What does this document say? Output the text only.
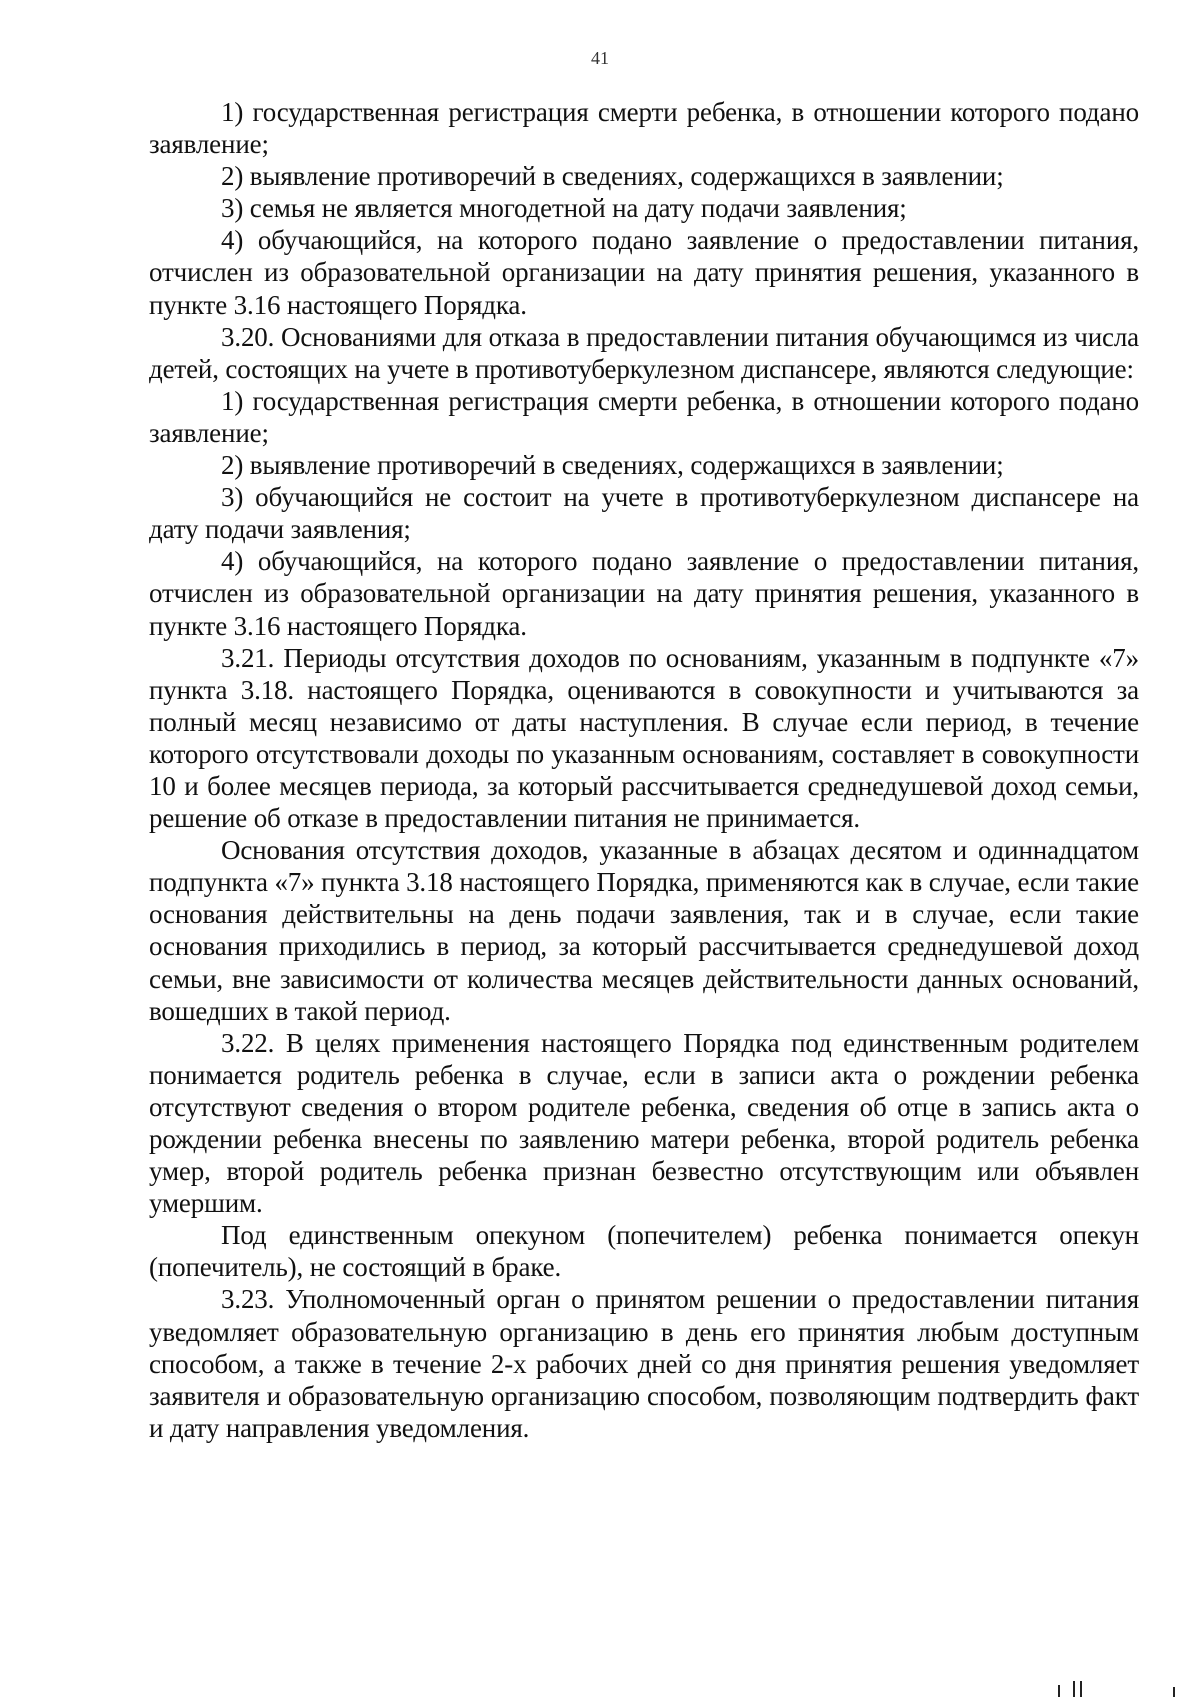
41

1) государственная регистрация смерти ребенка, в отношении которого подано заявление;

2) выявление противоречий в сведениях, содержащихся в заявлении;

3) семья не является многодетной на дату подачи заявления;

4) обучающийся, на которого подано заявление о предоставлении питания, отчислен из образовательной организации на дату принятия решения, указанного в пункте 3.16 настоящего Порядка.

3.20. Основаниями для отказа в предоставлении питания обучающимся из числа детей, состоящих на учете в противотуберкулезном диспансере, являются следующие:

1) государственная регистрация смерти ребенка, в отношении которого подано заявление;

2) выявление противоречий в сведениях, содержащихся в заявлении;

3) обучающийся не состоит на учете в противотуберкулезном диспансере на дату подачи заявления;

4) обучающийся, на которого подано заявление о предоставлении питания, отчислен из образовательной организации на дату принятия решения, указанного в пункте 3.16 настоящего Порядка.

3.21. Периоды отсутствия доходов по основаниям, указанным в подпункте «7» пункта 3.18. настоящего Порядка, оцениваются в совокупности и учитываются за полный месяц независимо от даты наступления. В случае если период, в течение которого отсутствовали доходы по указанным основаниям, составляет в совокупности 10 и более месяцев периода, за который рассчитывается среднедушевой доход семьи, решение об отказе в предоставлении питания не принимается.

Основания отсутствия доходов, указанные в абзацах десятом и одиннадцатом подпункта «7» пункта 3.18 настоящего Порядка, применяются как в случае, если такие основания действительны на день подачи заявления, так и в случае, если такие основания приходились в период, за который рассчитывается среднедушевой доход семьи, вне зависимости от количества месяцев действительности данных оснований, вошедших в такой период.

3.22. В целях применения настоящего Порядка под единственным родителем понимается родитель ребенка в случае, если в записи акта о рождении ребенка отсутствуют сведения о втором родителе ребенка, сведения об отце в запись акта о рождении ребенка внесены по заявлению матери ребенка, второй родитель ребенка умер, второй родитель ребенка признан безвестно отсутствующим или объявлен умершим.

Под единственным опекуном (попечителем) ребенка понимается опекун (попечитель), не состоящий в браке.

3.23. Уполномоченный орган о принятом решении о предоставлении питания уведомляет образовательную организацию в день его принятия любым доступным способом, а также в течение 2-х рабочих дней со дня принятия решения уведомляет заявителя и образовательную организацию способом, позволяющим подтвердить факт и дату направления уведомления.
